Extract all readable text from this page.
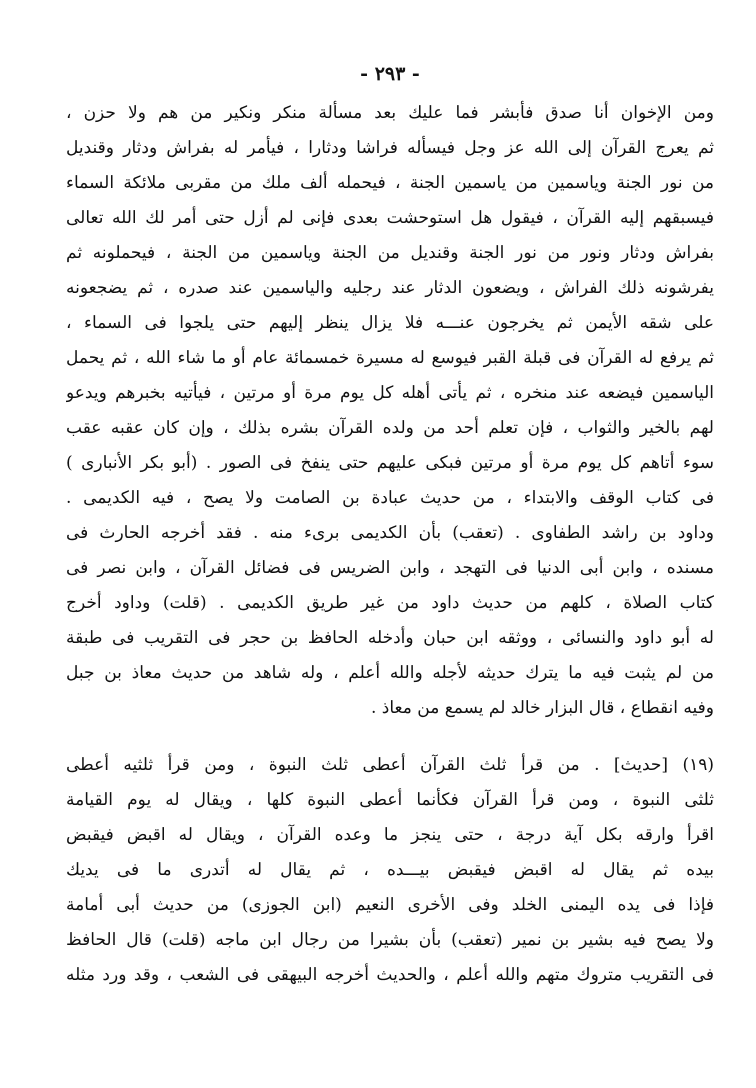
- ٢٩٣ -
ومن الإخوان أنا صدق فأبشر فما عليك بعد مسألة منكر ونكير من هم ولا حزن ،
ثم يعرج القرآن إلى الله عز وجل فيسأله فراشا ودثارا ، فيأمر له بفراش ودثار وقنديل
من نور الجنة وياسمين من ياسمين الجنة ، فيحمله ألف ملك من مقربى ملائكة السماء
فيسبقهم إليه القرآن ، فيقول هل استوحشت بعدى فإنى لم أزل حتى أمر لك الله تعالى
بفراش ودثار ونور من نور الجنة وقنديل من الجنة وياسمين من الجنة ، فيحملونه ثم
يفرشونه ذلك الفراش ، ويضعون الدثار عند رجليه والياسمين عند صدره ، ثم يضجعونه
على شقه الأيمن ثم يخرجون عنـــه فلا يزال ينظر إليهم حتى يلجوا فى السماء ،
ثم يرفع له القرآن فى قبلة القبر فيوسع له مسيرة خمسمائة عام أو ما شاء الله ، ثم يحمل
الياسمين فيضعه عند منخره ، ثم يأتى أهله كل يوم مرة أو مرتين ، فيأتيه بخبرهم ويدعو
لهم بالخير والثواب ، فإن تعلم أحد من ولده القرآن بشره بذلك ، وإن كان عقبه عقب
سوء أتاهم كل يوم مرة أو مرتين فبكى عليهم حتى ينفخ فى الصور . (أبو بكر الأنبارى )
فى كتاب الوقف والابتداء ، من حديث عبادة بن الصامت ولا يصح ، فيه الكديمى .
وداود بن راشد الطفاوى . (تعقب) بأن الكديمى برىء منه . فقد أخرجه الحارث فى
مسنده ، وابن أبى الدنيا فى التهجد ، وابن الضريس فى فضائل القرآن ، وابن نصر فى
كتاب الصلاة ، كلهم من حديث داود من غير طريق الكديمى . (قلت) وداود أخرج
له أبو داود والنسائى ، ووثقه ابن حبان وأدخله الحافظ بن حجر فى التقريب فى طبقة
من لم يثبت فيه ما يترك حديثه لأجله والله أعلم ، وله شاهد من حديث معاذ بن جبل
وفيه انقطاع ، قال البزار خالد لم يسمع من معاذ .
(١٩) [حديث] . من قرأ ثلث القرآن أعطى ثلث النبوة ، ومن قرأ ثلثيه أعطى
ثلثى النبوة ، ومن قرأ القرآن فكأنما أعطى النبوة كلها ، ويقال له يوم القيامة
اقرأ وارقه بكل آية درجة ، حتى ينجز ما وعده القرآن ، ويقال له اقبض فيقبض
بيده ثم يقال له اقبض فيقبض بيـــده ، ثم يقال له أتدرى ما فى يديك
فإذا فى يده اليمنى الخلد وفى الأخرى النعيم (ابن الجوزى) من حديث أبى أمامة
ولا يصح فيه بشير بن نمير (تعقب) بأن بشيرا من رجال ابن ماجه (قلت) قال الحافظ
فى التقريب متروك متهم والله أعلم ، والحديث أخرجه البيهقى فى الشعب ، وقد ورد مثله
